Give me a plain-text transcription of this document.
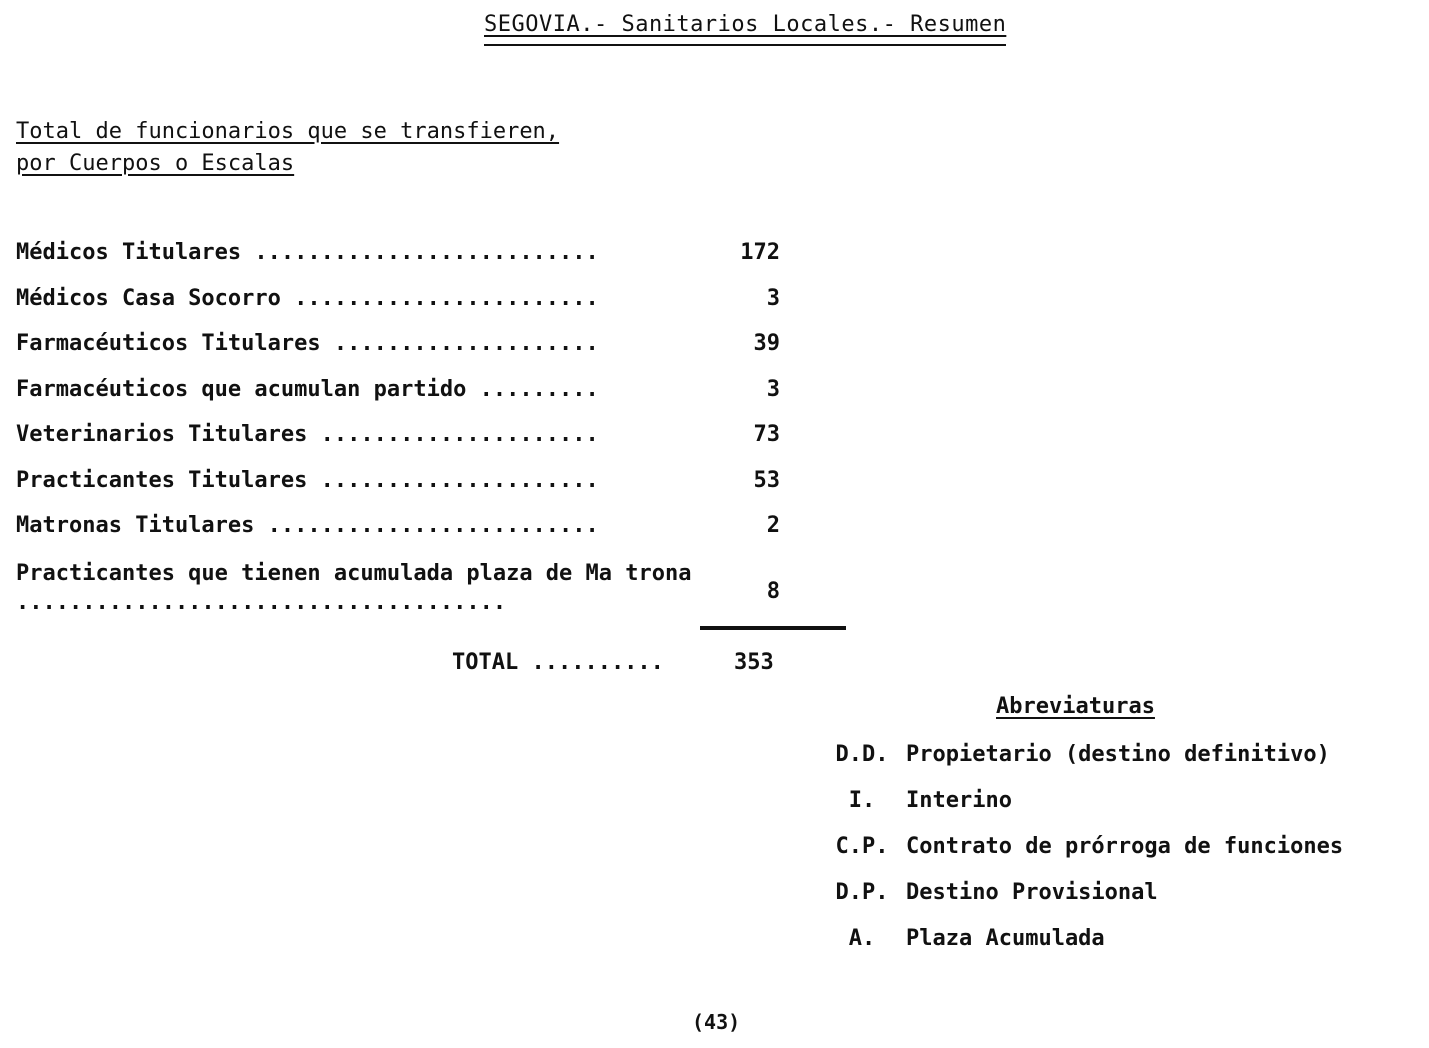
SEGOVIA.- Sanitarios Locales.- Resumen
Total de funcionarios que se transfieren,
por Cuerpos o Escalas
Médicos Titulares ..........................	172
Médicos Casa Socorro .......................	3
Farmacéuticos Titulares ....................	39
Farmacéuticos que acumulan partido .........	3
Veterinarios Titulares .....................	73
Practicantes Titulares .....................	53
Matronas Titulares .........................	2
Practicantes que tienen acumulada plaza de Ma trona .....................................	8
TOTAL ..........	353
Abreviaturas
D.D. Propietario (destino definitivo)
I.	Interino
C.P. Contrato de prórroga de funciones
D.P. Destino Provisional
A.	Plaza Acumulada
(43)
